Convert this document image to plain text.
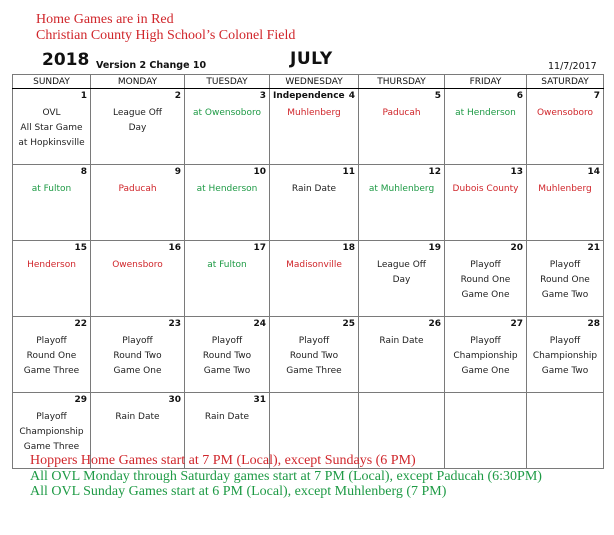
Home Games are in Red
Christian County High School’s Colonel Field
2018 Version 2 Change 10	JULY	11/7/2017
SUNDAY	MONDAY	TUESDAY	WEDNESDAY	THURSDAY	FRIDAY	SATURDAY

1
OVL
All Star Game
at Hopkinsville	2
League Off
Day	3
at Owensoboro	4
Independence
Muhlenberg	5
Paducah	6
at Henderson	7
Owensoboro

8
at Fulton	9
Paducah	10
at Henderson	11
Rain Date	12
at Muhlenberg	13
Dubois County	14
Muhlenberg

15
Henderson	16
Owensboro	17
at Fulton	18
Madisonville	19
League Off
Day	20
Playoff
Round One
Game One	21
Playoff
Round One
Game Two

22
Playoff
Round One
Game Three	23
Playoff
Round Two
Game One	24
Playoff
Round Two
Game Two	25
Playoff
Round Two
Game Three	26
Rain Date	27
Playoff
Championship
Game One	28
Playoff
Championship
Game Two

29
Playoff
Championship
Game Three	30
Rain Date	31
Rain Date				

Hoppers Home Games start at 7 PM (Local), except Sundays (6 PM)
All OVL Monday through Saturday games start at 7 PM (Local), except Paducah (6:30PM)
All OVL Sunday Games start at 6 PM (Local), except Muhlenberg (7 PM)
